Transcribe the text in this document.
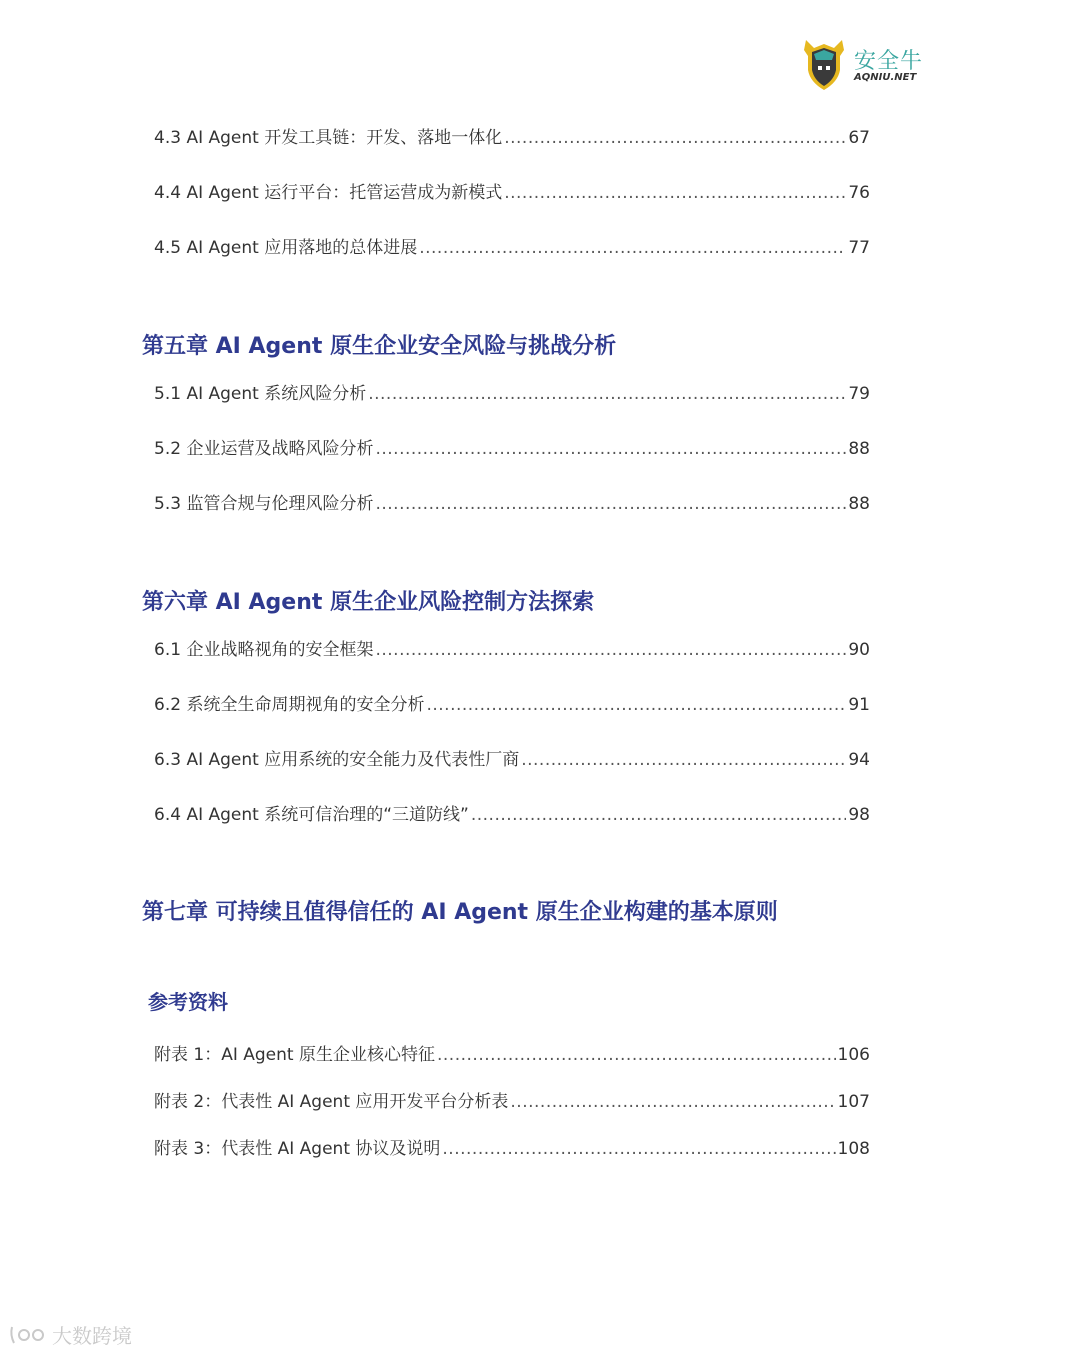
安全牛
AQNIU.NET
4.3 AI Agent 开发工具链：开发、落地一体化 .....	67
4.4 AI Agent 运行平台：托管运营成为新模式 .....	76
4.5 AI Agent 应用落地的总体进展 .....	77
第五章 AI Agent 原生企业安全风险与挑战分析
5.1 AI Agent 系统风险分析 .....	79
5.2 企业运营及战略风险分析 .....	88
5.3 监管合规与伦理风险分析 .....	88
第六章 AI Agent 原生企业风险控制方法探索
6.1 企业战略视角的安全框架 .....	90
6.2 系统全生命周期视角的安全分析 .....	91
6.3 AI Agent 应用系统的安全能力及代表性厂商 .....	94
6.4 AI Agent 系统可信治理的“三道防线” .....	98
第七章 可持续且值得信任的 AI Agent 原生企业构建的基本原则
参考资料
附表 1：AI Agent 原生企业核心特征 .....	106
附表 2：代表性 AI Agent 应用开发平台分析表 .....	107
附表 3：代表性 AI Agent 协议及说明 .....	108
大数跨境
